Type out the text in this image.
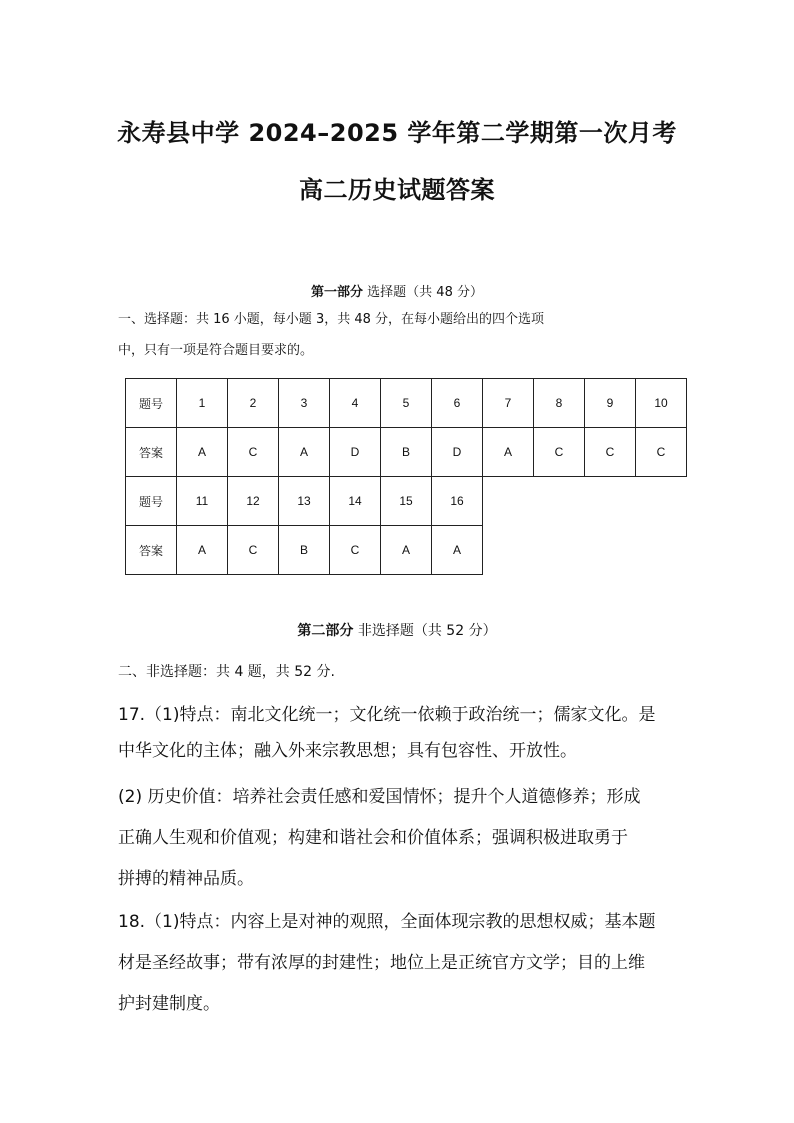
永寿县中学 2024–2025 学年第二学期第一次月考
高二历史试题答案
第一部分 选择题（共 48 分）
一、选择题：共 16 小题，每小题 3，共 48 分，在每小题给出的四个选项
中，只有一项是符合题目要求的。
题号	1	2	3	4	5	6	7	8	9	10
答案	A	C	A	D	B	D	A	C	C	C
题号	11	12	13	14	15	16
答案	A	C	B	C	A	A
第二部分 非选择题（共 52 分）
二、非选择题：共 4 题，共 52 分.
17.（1)特点：南北文化统一；文化统一依赖于政治统一；儒家文化。是
中华文化的主体；融入外来宗教思想；具有包容性、开放性。
(2) 历史价值：培养社会责任感和爱国情怀；提升个人道德修养；形成
正确人生观和价值观；构建和谐社会和价值体系；强调积极进取勇于
拼搏的精神品质。
18.（1)特点：内容上是对神的观照，全面体现宗教的思想权威；基本题
材是圣经故事；带有浓厚的封建性；地位上是正统官方文学；目的上维
护封建制度。
